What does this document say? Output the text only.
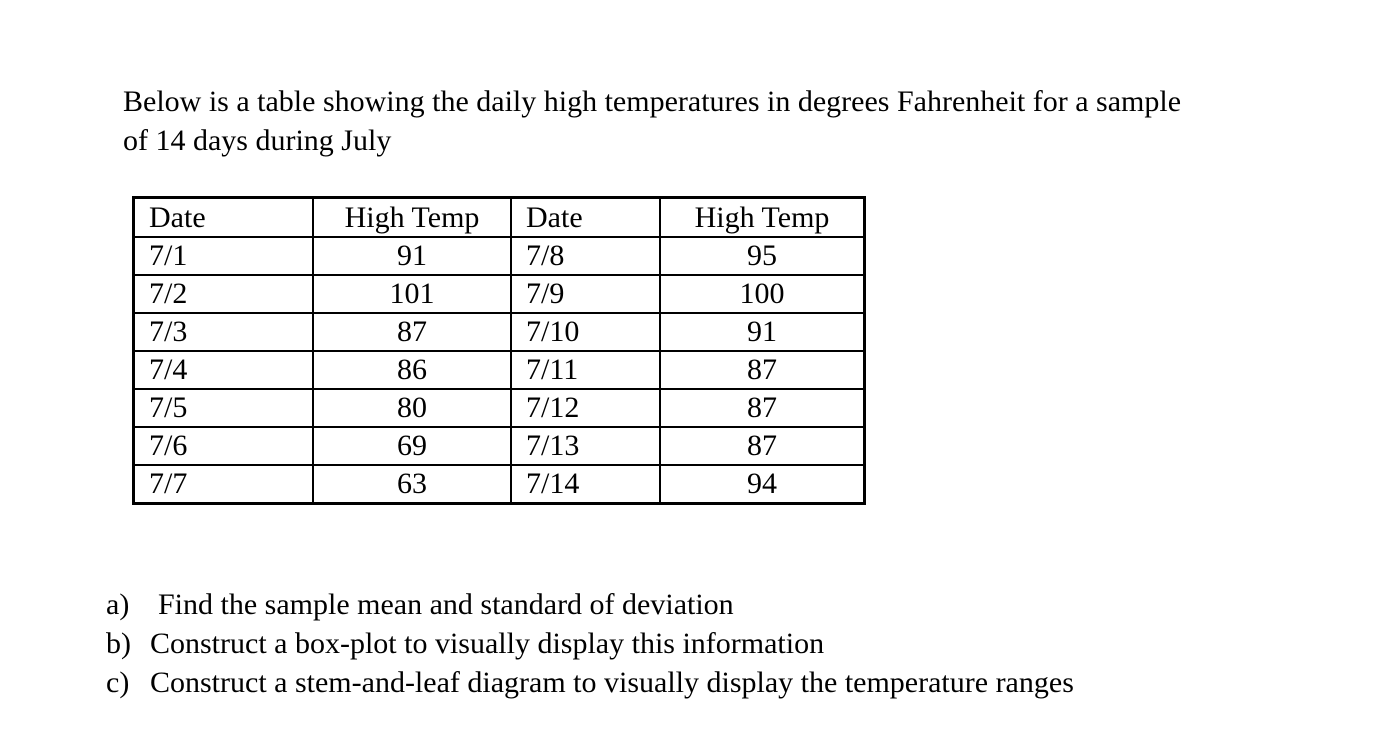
Below is a table showing the daily high temperatures in degrees Fahrenheit for a sample
of 14 days during July

Date	High Temp	Date	High Temp
7/1	91	7/8	95
7/2	101	7/9	100
7/3	87	7/10	91
7/4	86	7/11	87
7/5	80	7/12	87
7/6	69	7/13	87
7/7	63	7/14	94
a) Find the sample mean and standard of deviation
b) Construct a box-plot to visually display this information
c) Construct a stem-and-leaf diagram to visually display the temperature ranges
